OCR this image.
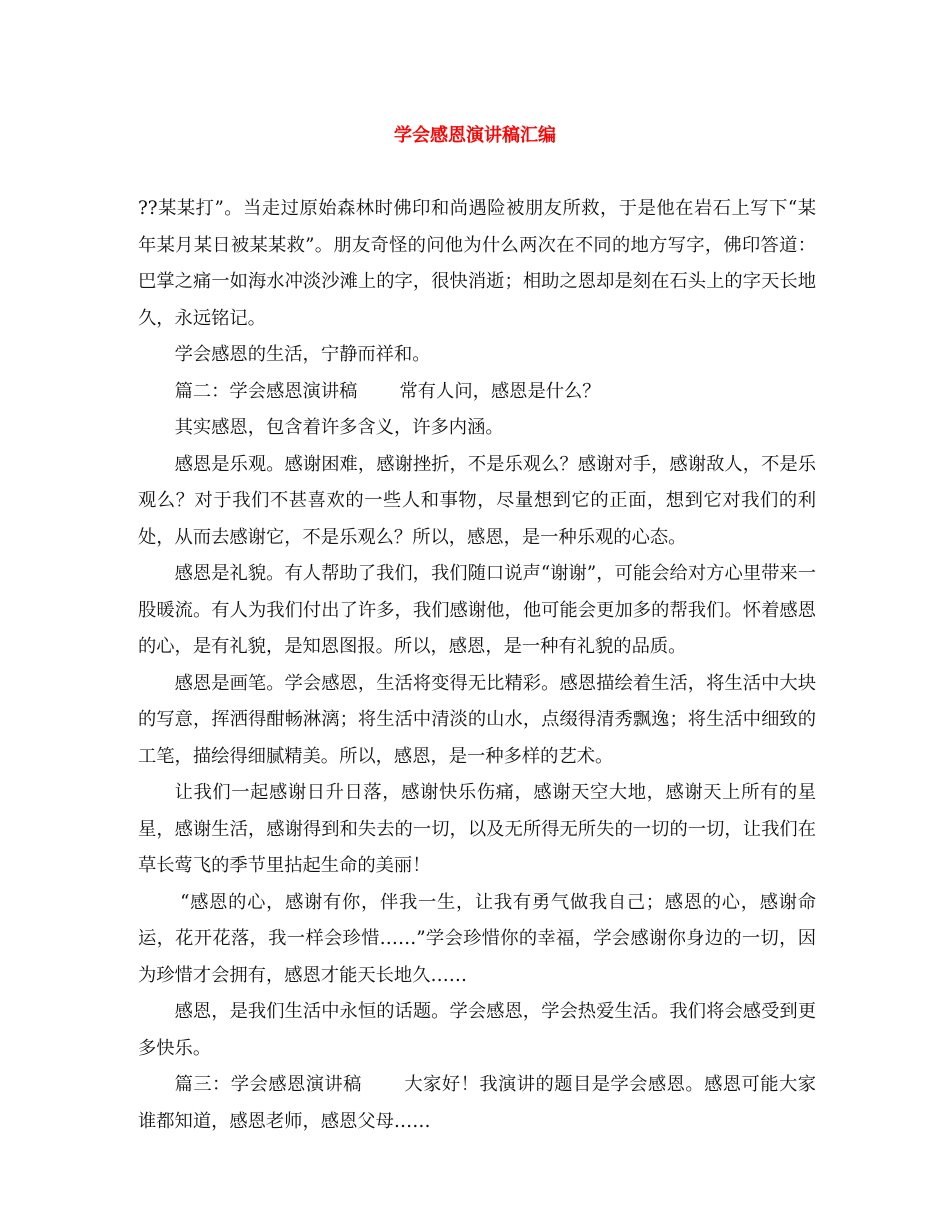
学会感恩演讲稿汇编

??某某打”。当走过原始森林时佛印和尚遇险被朋友所救，于是他在岩石上写下“某年某月某日被某某救”。朋友奇怪的问他为什么两次在不同的地方写字，佛印答道：巴掌之痛一如海水冲淡沙滩上的字，很快消逝；相助之恩却是刻在石头上的字天长地久，永远铭记。

学会感恩的生活，宁静而祥和。

篇二：学会感恩演讲稿 常有人问，感恩是什么？

其实感恩，包含着许多含义，许多内涵。

感恩是乐观。感谢困难，感谢挫折，不是乐观么？感谢对手，感谢敌人，不是乐观么？对于我们不甚喜欢的一些人和事物，尽量想到它的正面，想到它对我们的利处，从而去感谢它，不是乐观么？所以，感恩，是一种乐观的心态。

感恩是礼貌。有人帮助了我们，我们随口说声“谢谢”，可能会给对方心里带来一股暖流。有人为我们付出了许多，我们感谢他，他可能会更加多的帮我们。怀着感恩的心，是有礼貌，是知恩图报。所以，感恩，是一种有礼貌的品质。

感恩是画笔。学会感恩，生活将变得无比精彩。感恩描绘着生活，将生活中大块的写意，挥洒得酣畅淋漓；将生活中清淡的山水，点缀得清秀飘逸；将生活中细致的工笔，描绘得细腻精美。所以，感恩，是一种多样的艺术。

让我们一起感谢日升日落，感谢快乐伤痛，感谢天空大地，感谢天上所有的星星，感谢生活，感谢得到和失去的一切，以及无所得无所失的一切的一切，让我们在草长莺飞的季节里拈起生命的美丽！

“感恩的心，感谢有你，伴我一生，让我有勇气做我自己；感恩的心，感谢命运，花开花落，我一样会珍惜……”学会珍惜你的幸福，学会感谢你身边的一切，因为珍惜才会拥有，感恩才能天长地久……

感恩，是我们生活中永恒的话题。学会感恩，学会热爱生活。我们将会感受到更多快乐。

篇三：学会感恩演讲稿 大家好！我演讲的题目是学会感恩。感恩可能大家谁都知道，感恩老师，感恩父母……
